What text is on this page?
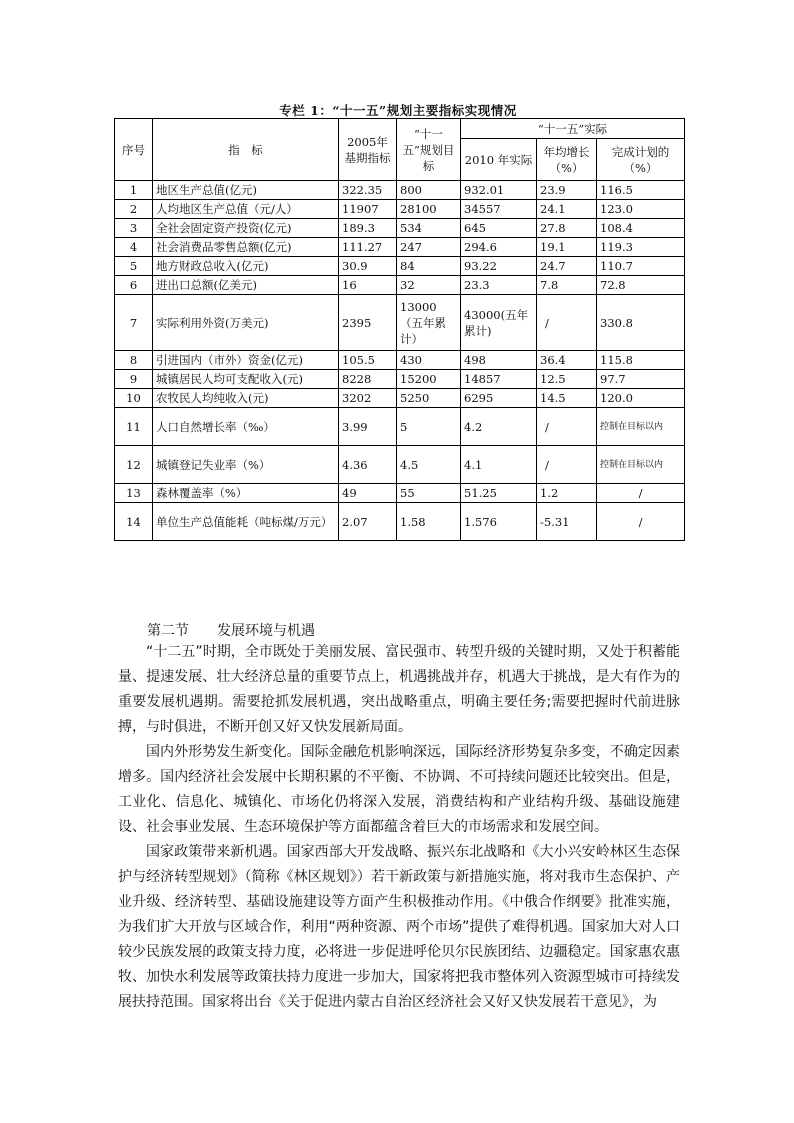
专栏 1：“十一五”规划主要指标实现情况
序号	指　标	2005年基期指标	“十一五”规划目标	“十一五”实际		
				2010 年实际	年均增长（%）	完成计划的（%）
1	地区生产总值(亿元)	322.35	800	932.01	23.9	116.5
2	人均地区生产总值（元/人）	11907	28100	34557	24.1	123.0
3	全社会固定资产投资(亿元)	189.3	534	645	27.8	108.4
4	社会消费品零售总额(亿元)	111.27	247	294.6	19.1	119.3
5	地方财政总收入(亿元)	30.9	84	93.22	24.7	110.7
6	进出口总额(亿美元)	16	32	23.3	7.8	72.8
7	实际利用外资(万美元)	2395	13000（五年累计）	43000(五年累计)	/	330.8
8	引进国内（市外）资金(亿元)	105.5	430	498	36.4	115.8
9	城镇居民人均可支配收入(元)	8228	15200	14857	12.5	97.7
10	农牧民人均纯收入(元)	3202	5250	6295	14.5	120.0
11	人口自然增长率（‰）	3.99	5	4.2	/	控制在目标以内
12	城镇登记失业率（%）	4.36	4.5	4.1	/	控制在目标以内
13	森林覆盖率（%）	49	55	51.25	1.2	/
14	单位生产总值能耗（吨标煤/万元）	2.07	1.58	1.576	-5.31	/
第二节　　发展环境与机遇

“十二五”时期，全市既处于美丽发展、富民强市、转型升级的关键时期，又处于积蓄能量、提速发展、壮大经济总量的重要节点上，机遇挑战并存，机遇大于挑战，是大有作为的重要发展机遇期。需要抢抓发展机遇，突出战略重点，明确主要任务;需要把握时代前进脉搏，与时俱进，不断开创又好又快发展新局面。

国内外形势发生新变化。国际金融危机影响深远，国际经济形势复杂多变，不确定因素增多。国内经济社会发展中长期积累的不平衡、不协调、不可持续问题还比较突出。但是，工业化、信息化、城镇化、市场化仍将深入发展，消费结构和产业结构升级、基础设施建设、社会事业发展、生态环境保护等方面都蕴含着巨大的市场需求和发展空间。

国家政策带来新机遇。国家西部大开发战略、振兴东北战略和《大小兴安岭林区生态保护与经济转型规划》（简称《林区规划》）若干新政策与新措施实施，将对我市生态保护、产业升级、经济转型、基础设施建设等方面产生积极推动作用。《中俄合作纲要》批准实施，为我们扩大开放与区域合作，利用“两种资源、两个市场”提供了难得机遇。国家加大对人口较少民族发展的政策支持力度，必将进一步促进呼伦贝尔民族团结、边疆稳定。国家惠农惠牧、加快水利发展等政策扶持力度进一步加大，国家将把我市整体列入资源型城市可持续发展扶持范围。国家将出台《关于促进内蒙古自治区经济社会又好又快发展若干意见》，为
